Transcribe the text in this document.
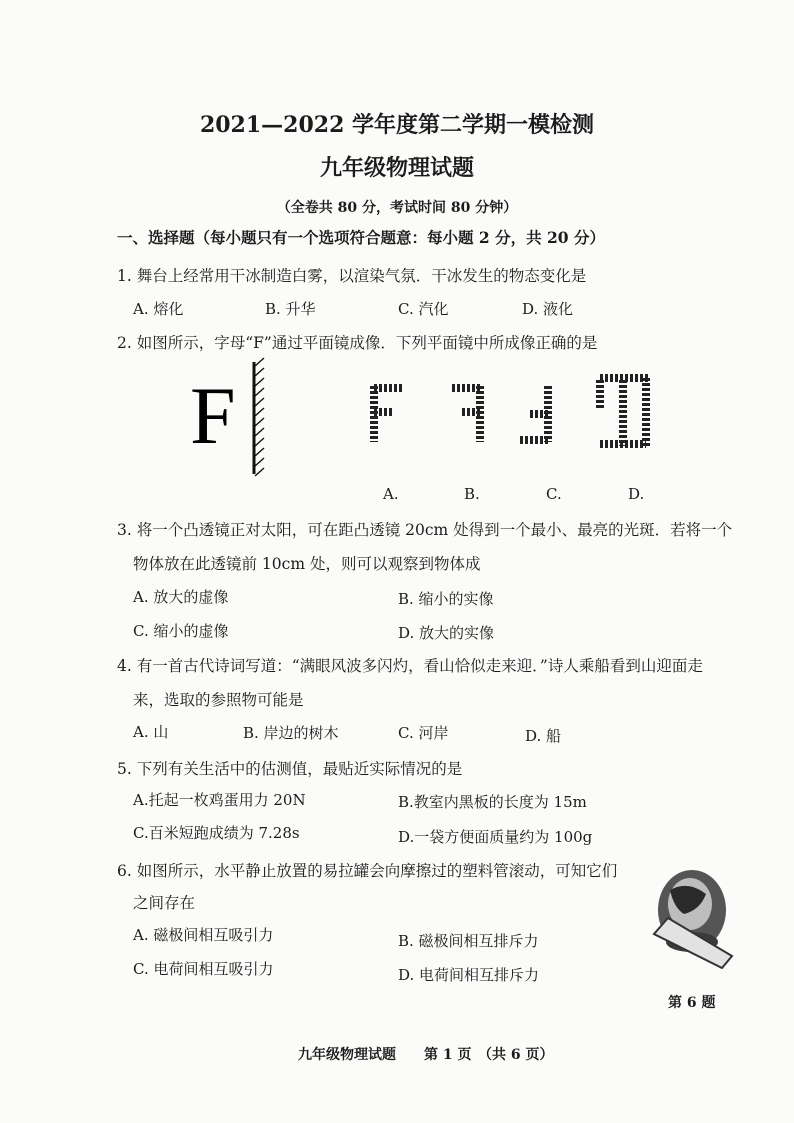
2021—2022 学年度第二学期一模检测
九年级物理试题
（全卷共 80 分，考试时间 80 分钟）
一、选择题（每小题只有一个选项符合题意：每小题 2 分，共 20 分）
1. 舞台上经常用干冰制造白雾，以渲染气氛．干冰发生的物态变化是
A. 熔化	B. 升华	C. 汽化	D. 液化
2. 如图所示，字母“F”通过平面镜成像．下列平面镜中所成像正确的是
F
A.	B.	C.	D.
3. 将一个凸透镜正对太阳，可在距凸透镜 20cm 处得到一个最小、最亮的光斑．若将一个
物体放在此透镜前 10cm 处，则可以观察到物体成
A. 放大的虚像	B. 缩小的实像
C. 缩小的虚像	D. 放大的实像
4. 有一首古代诗词写道：“满眼风波多闪灼，看山恰似走来迎．”诗人乘船看到山迎面走
来，选取的参照物可能是
A. 山	B. 岸边的树木	C. 河岸	D. 船
5. 下列有关生活中的估测值，最贴近实际情况的是
A.托起一枚鸡蛋用力 20N	B.教室内黑板的长度为 15m
C.百米短跑成绩为 7.28s	D.一袋方便面质量约为 100g
6. 如图所示，水平静止放置的易拉罐会向摩擦过的塑料管滚动，可知它们
之间存在
A. 磁极间相互吸引力	B. 磁极间相互排斥力
C. 电荷间相互吸引力	D. 电荷间相互排斥力
第 6 题
九年级物理试题 第 1 页 （共 6 页）
